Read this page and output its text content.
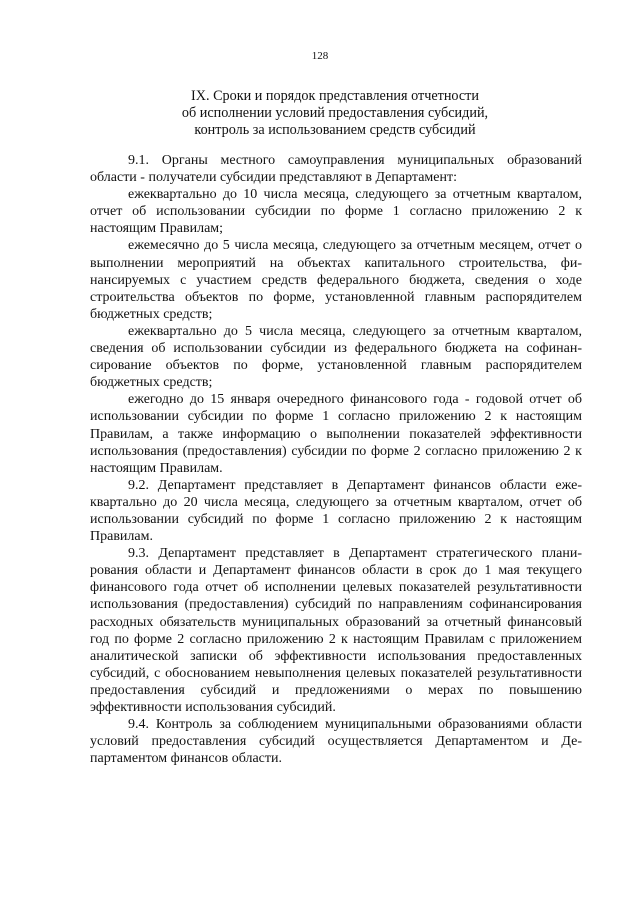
128
IX. Сроки и порядок представления отчетности
об исполнении условий предоставления субсидий,
контроль за использованием средств субсидий

9.1. Органы местного самоуправления муниципальных образований области - получатели субсидии представляют в Департамент:

ежеквартально до 10 числа месяца, следующего за отчетным кварталом, отчет об использовании субсидии по форме 1 согласно приложению 2 к настоящим Правилам;

ежемесячно до 5 числа месяца, следующего за отчетным месяцем, отчет о выполнении мероприятий на объектах капитального строительства, финансируемых с участием средств федерального бюджета, сведения о ходе строительства объектов по форме, установленной главным распорядителем бюджетных средств;

ежеквартально до 5 числа месяца, следующего за отчетным кварталом, сведения об использовании субсидии из федерального бюджета на софинансирование объектов по форме, установленной главным распорядителем бюджетных средств;

ежегодно до 15 января очередного финансового года - годовой отчет об использовании субсидии по форме 1 согласно приложению 2 к настоящим Правилам, а также информацию о выполнении показателей эффективности использования (предоставления) субсидии по форме 2 согласно приложению 2 к настоящим Правилам.

9.2. Департамент представляет в Департамент финансов области ежеквартально до 20 числа месяца, следующего за отчетным кварталом, отчет об использовании субсидий по форме 1 согласно приложению 2 к настоящим Правилам.

9.3. Департамент представляет в Департамент стратегического планирования области и Департамент финансов области в срок до 1 мая текущего финансового года отчет об исполнении целевых показателей результативности использования (предоставления) субсидий по направлениям софинансирования расходных обязательств муниципальных образований за отчетный финансовый год по форме 2 согласно приложению 2 к настоящим Правилам с приложением аналитической записки об эффективности использования предоставленных субсидий, с обоснованием невыполнения целевых показателей результативности предоставления субсидий и предложениями о мерах по повышению эффективности использования субсидий.

9.4. Контроль за соблюдением муниципальными образованиями области условий предоставления субсидий осуществляется Департаментом и Департаментом финансов области.
